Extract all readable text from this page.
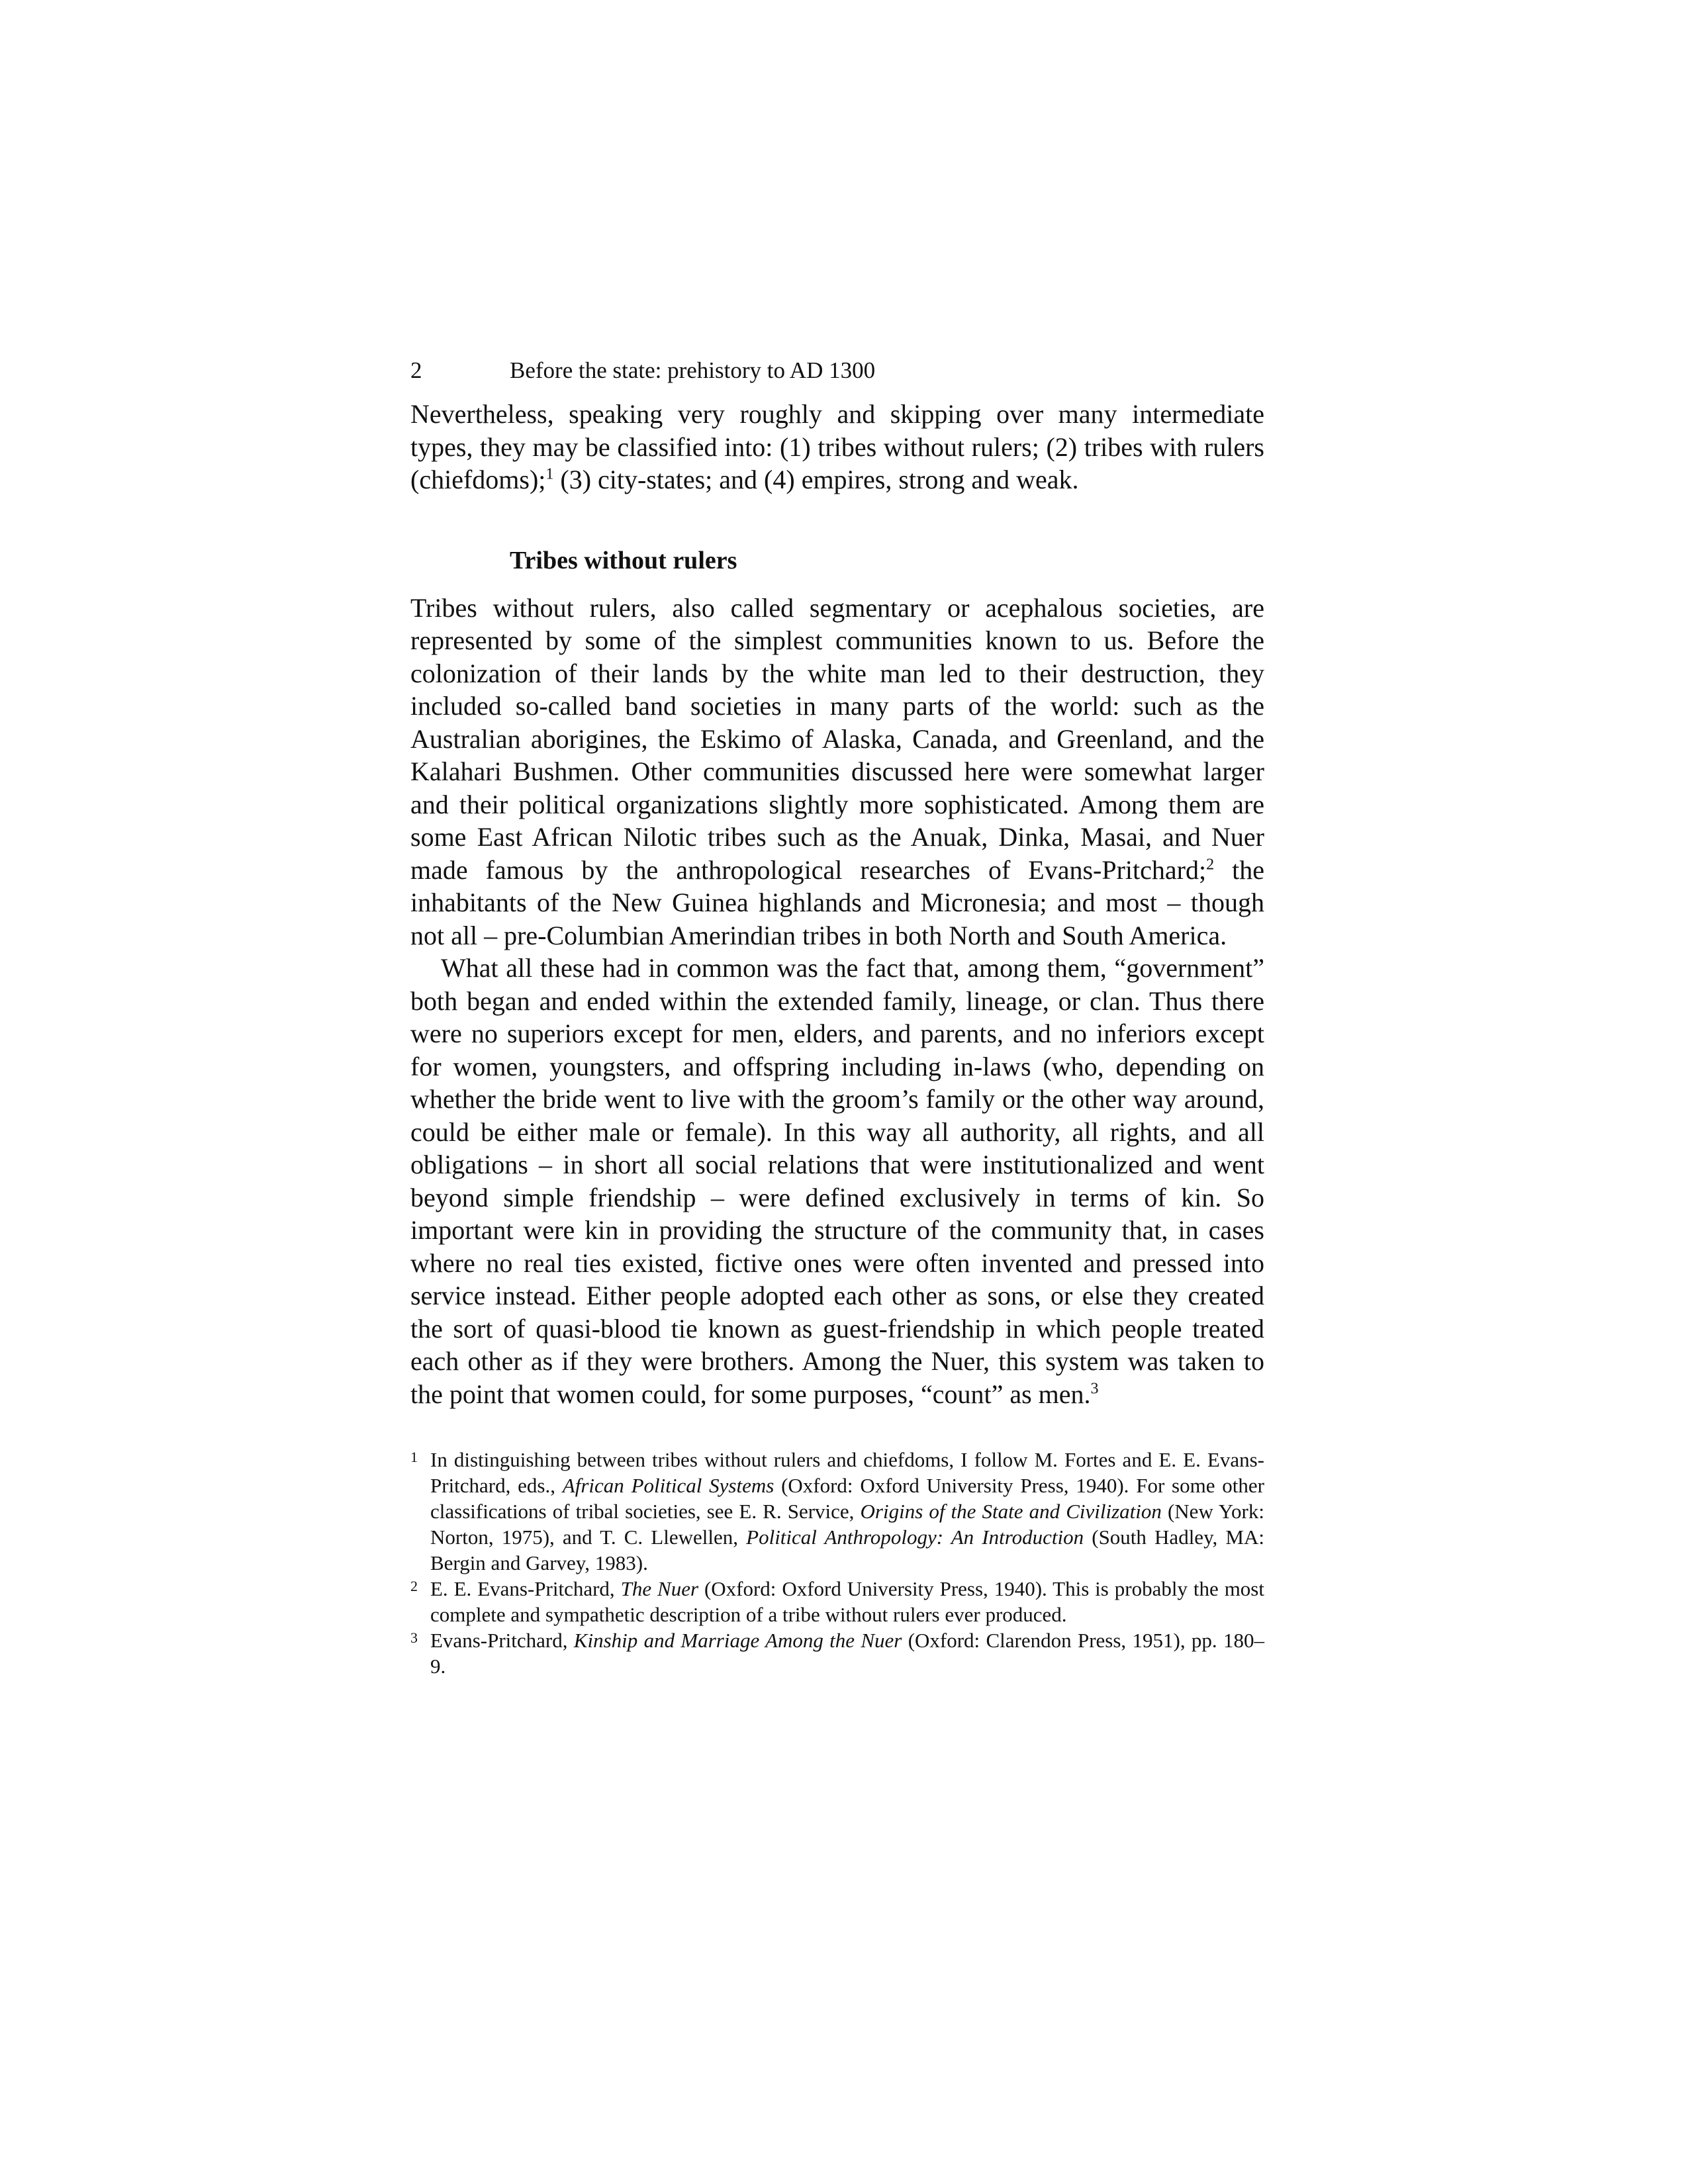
2	Before the state: prehistory to AD 1300

Nevertheless, speaking very roughly and skipping over many intermediate types, they may be classified into: (1) tribes without rulers; (2) tribes with rulers (chiefdoms);$^1$ (3) city-states; and (4) empires, strong and weak.

Tribes without rulers

Tribes without rulers, also called segmentary or acephalous societies, are represented by some of the simplest communities known to us. Before the colonization of their lands by the white man led to their destruction, they included so-called band societies in many parts of the world: such as the Australian aborigines, the Eskimo of Alaska, Canada, and Greenland, and the Kalahari Bushmen. Other communities discussed here were somewhat larger and their political organizations slightly more sophisticated. Among them are some East African Nilotic tribes such as the Anuak, Dinka, Masai, and Nuer made famous by the anthropological researches of Evans-Pritchard;$^2$ the inhabitants of the New Guinea highlands and Micronesia; and most – though not all – pre-Columbian Amerindian tribes in both North and South America.

What all these had in common was the fact that, among them, “government” both began and ended within the extended family, lineage, or clan. Thus there were no superiors except for men, elders, and parents, and no inferiors except for women, youngsters, and offspring including in-laws (who, depending on whether the bride went to live with the groom’s family or the other way around, could be either male or female). In this way all authority, all rights, and all obligations – in short all social relations that were institutionalized and went beyond simple friendship – were defined exclusively in terms of kin. So important were kin in providing the structure of the community that, in cases where no real ties existed, fictive ones were often invented and pressed into service instead. Either people adopted each other as sons, or else they created the sort of quasi-blood tie known as guest-friendship in which people treated each other as if they were brothers. Among the Nuer, this system was taken to the point that women could, for some purposes, “count” as men.$^3$

1 In distinguishing between tribes without rulers and chiefdoms, I follow M. Fortes and E. E. Evans-Pritchard, eds., African Political Systems (Oxford: Oxford University Press, 1940). For some other classifications of tribal societies, see E. R. Service, Origins of the State and Civilization (New York: Norton, 1975), and T. C. Llewellen, Political Anthropology: An Introduction (South Hadley, MA: Bergin and Garvey, 1983).

2 E. E. Evans-Pritchard, The Nuer (Oxford: Oxford University Press, 1940). This is probably the most complete and sympathetic description of a tribe without rulers ever produced.

3 Evans-Pritchard, Kinship and Marriage Among the Nuer (Oxford: Clarendon Press, 1951), pp. 180–9.
